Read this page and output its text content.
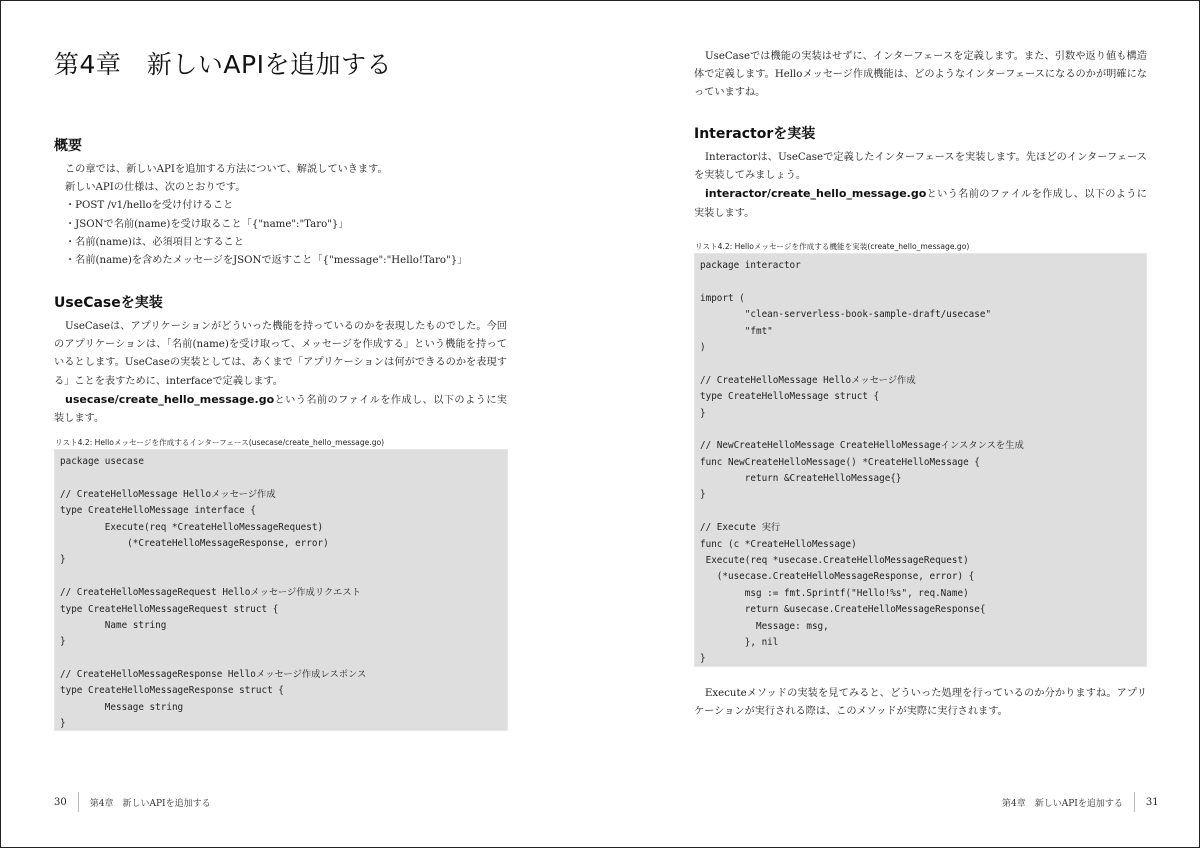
第4章　新しいAPIを追加する
概要
この章では、新しいAPIを追加する方法について、解説していきます。
新しいAPIの仕様は、次のとおりです。
・POST /v1/helloを受け付けること
・JSONで名前(name)を受け取ること「{"name":"Taro"}」
・名前(name)は、必須項目とすること
・名前(name)を含めたメッセージをJSONで返すこと「{"message":"Hello!Taro"}」
UseCaseを実装
UseCaseは、アプリケーションがどういった機能を持っているのかを表現したものでした。今回のアプリケーションは、「名前(name)を受け取って、メッセージを作成する」という機能を持っているとします。UseCaseの実装としては、あくまで「アプリケーションは何ができるのかを表現する」ことを表すために、interfaceで定義します。
usecase/create_hello_message.goという名前のファイルを作成し、以下のように実装します。
リスト4.2: Helloメッセージを作成するインターフェース(usecase/create_hello_message.go)
package usecase
// CreateHelloMessage Helloメッセージ作成
type CreateHelloMessage interface {
Execute(req *CreateHelloMessageRequest)
(*CreateHelloMessageResponse, error)
}
// CreateHelloMessageRequest Helloメッセージ作成リクエスト
type CreateHelloMessageRequest struct {
Name string
}
// CreateHelloMessageResponse Helloメッセージ作成レスポンス
type CreateHelloMessageResponse struct {
Message string
}
30	第4章　新しいAPIを追加する
UseCaseでは機能の実装はせずに、インターフェースを定義します。また、引数や返り値も構造体で定義します。Helloメッセージ作成機能は、どのようなインターフェースになるのかが明確になっていますね。
Interactorを実装
Interactorは、UseCaseで定義したインターフェースを実装します。先ほどのインターフェースを実装してみましょう。
interactor/create_hello_message.goという名前のファイルを作成し、以下のように実装します。
リスト4.2: Helloメッセージを作成する機能を実装(create_hello_message.go)
package interactor
import (
"clean-serverless-book-sample-draft/usecase"
"fmt"
)
// CreateHelloMessage Helloメッセージ作成
type CreateHelloMessage struct {
}
// NewCreateHelloMessage CreateHelloMessageインスタンスを生成
func NewCreateHelloMessage() *CreateHelloMessage {
return &CreateHelloMessage{}
}
// Execute 実行
func (c *CreateHelloMessage)
Execute(req *usecase.CreateHelloMessageRequest)
(*usecase.CreateHelloMessageResponse, error) {
msg := fmt.Sprintf("Hello!%s", req.Name)
return &usecase.CreateHelloMessageResponse{
Message: msg,
}, nil
}
Executeメソッドの実装を見てみると、どういった処理を行っているのか分かりますね。アプリケーションが実行される際は、このメソッドが実際に実行されます。
第4章　新しいAPIを追加する 31
